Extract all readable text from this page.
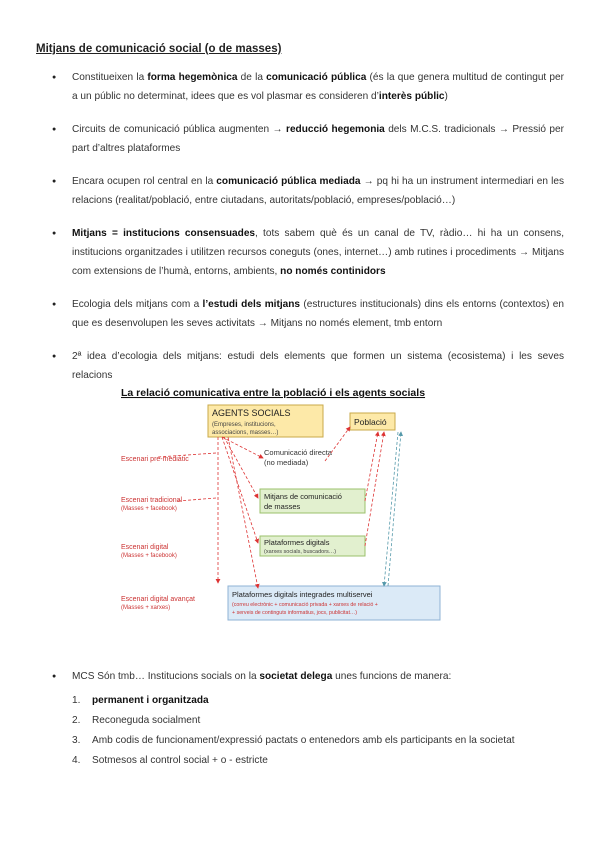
Mitjans de comunicació social (o de masses)
● Constitueixen la forma hegemònica de la comunicació pública (és la que genera multitud de contingut per a un públic no determinat, idees que es vol plasmar es consideren d’interès públic)
● Circuits de comunicació pública augmenten → reducció hegemonia dels M.C.S. tradicionals → Pressió per part d’altres plataformes
● Encara ocupen rol central en la comunicació pública mediada → pq hi ha un instrument intermediari en les relacions (realitat/població, entre ciutadans, autoritats/població, empreses/població…)
● Mitjans = institucions consensuades, tots sabem què és un canal de TV, ràdio… hi ha un consens, institucions organitzades i utilitzen recursos coneguts (ones, internet…) amb rutines i procediments → Mitjans com extensions de l’humà, entorns, ambients, no només continidors
● Ecologia dels mitjans com a l’estudi dels mitjans (estructures institucionals) dins els entorns (contextos) en que es desenvolupen les seves activitats → Mitjans no només element, tmb entorn
● 2ª idea d’ecologia dels mitjans: estudi dels elements que formen un sistema (ecosistema) i les seves relacions
La relació comunicativa entre la població i els agents socials
AGENTS SOCIALS
(Empreses, institucions,
associacions, masses…)
Població
Escenari pre-mediàtic
Escenari tradicional
(Masses + facebook)
Escenari digital
(Masses + facebook)
Escenari digital avançat
(Masses + xarxes)
Comunicació directa
(no mediada)
Mitjans de comunicació
de masses
Plataformes digitals
(xarxes socials, buscadors…)
Plataformes digitals integrades multiservei
(correu electrònic + comunicació privada + xarxes de relació +
+ serveis de continguts informatius, jocs, publicitat…)
● MCS Són tmb… Institucions socials on la societat delega unes funcions de manera:
1. permanent i organitzada
2. Reconeguda socialment
3. Amb codis de funcionament/expressió pactats o entenedors amb els participants en la societat
4. Sotmesos al control social + o - estricte
